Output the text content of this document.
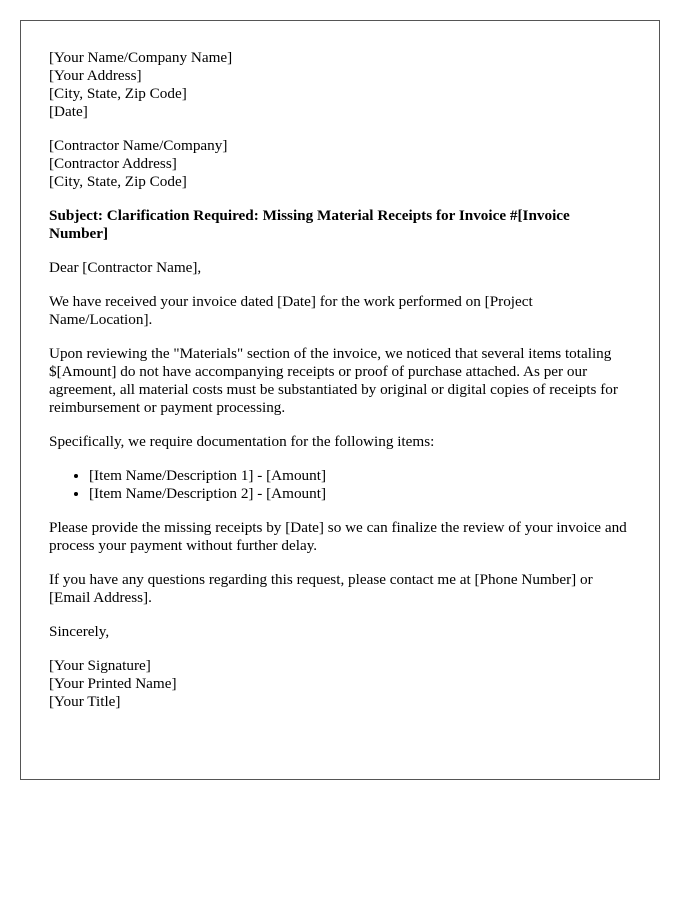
[Your Name/Company Name]
[Your Address]
[City, State, Zip Code]
[Date]
[Contractor Name/Company]
[Contractor Address]
[City, State, Zip Code]

Subject: Clarification Required: Missing Material Receipts for Invoice #[Invoice Number]

Dear [Contractor Name],

We have received your invoice dated [Date] for the work performed on [Project Name/Location].

Upon reviewing the "Materials" section of the invoice, we noticed that several items totaling $[Amount] do not have accompanying receipts or proof of purchase attached. As per our agreement, all material costs must be substantiated by original or digital copies of receipts for reimbursement or payment processing.

Specifically, we require documentation for the following items:

• [Item Name/Description 1] - [Amount]
• [Item Name/Description 2] - [Amount]

Please provide the missing receipts by [Date] so we can finalize the review of your invoice and process your payment without further delay.

If you have any questions regarding this request, please contact me at [Phone Number] or [Email Address].

Sincerely,

[Your Signature]
[Your Printed Name]
[Your Title]
